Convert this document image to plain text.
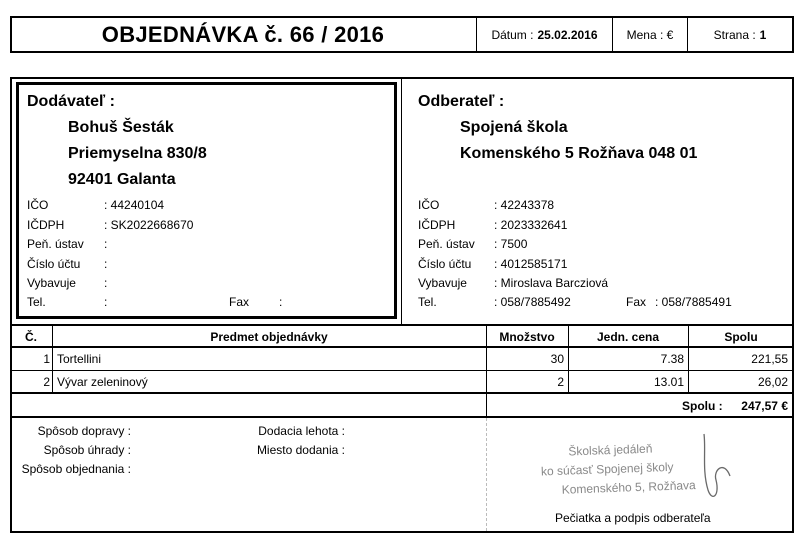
OBJEDNÁVKA č. 66 / 2016	Dátum : 25.02.2016 Mena : €	Strana : 1
Dodávateľ :
Bohuš Šesták
Priemyselna 830/8
92401 Galanta
IČO	: 44240104
IČDPH	: SK2022668670
Peň. ústav :
Číslo účtu :
Vybavuje :
Tel.	:	Fax :
Odberateľ :
Spojená škola
Komenského 5 Rožňava 048 01
IČO	: 42243378
IČDPH	: 2023332641
Peň. ústav : 7500
Číslo účtu : 4012585171
Vybavuje : Miroslava Barcziová
Tel.	: 058/7885492	Fax : 058/7885491
Č.	Predmet objednávky	Množstvo	Jedn. cena	Spolu
1 Tortellini	30	7.38	221,55
2 Vývar zeleninový	2	13.01	26,02
Spolu :	247,57 €
Spôsob dopravy :
Spôsob úhrady :
Spôsob objednania :
Dodacia lehota :
Miesto dodania :	Školská jedáleň
ko súčasť Spojenej školy
Komenského 5, Rožňava
Pečiatka a podpis odberateľa
